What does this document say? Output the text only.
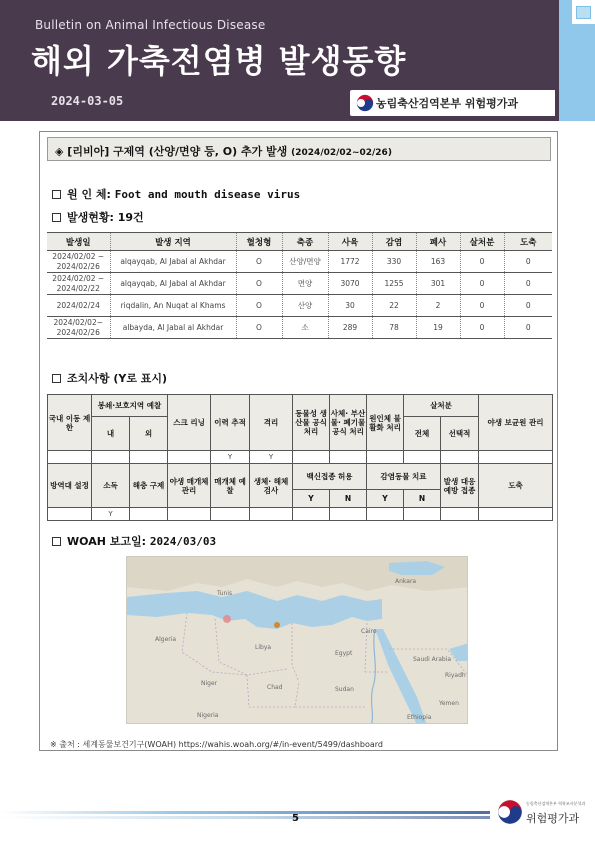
Bulletin on Animal Infectious Disease
해외 가축전염병 발생동향
2024-03-05	농림축산검역본부 위험평가과
◈ [리비아] 구제역 (산양/면양 등, O) 추가 발생 (2024/02/02~02/26)
원 인 체: Foot and mouth disease virus
발생현황: 19건
발생일	발생 지역	혈청형	축종	사육	감염	폐사	살처분	도축
2024/02/02 ~ 2024/02/26	alqayqab, Al Jabal al Akhdar	O	산양/면양	1772	330	163	0	0
2024/02/02 ~ 2024/02/22	alqayqab, Al Jabal al Akhdar	O	면양	3070	1255	301	0	0
2024/02/24	riqdalin, An Nuqat al Khams	O	산양	30	22	2	0	0
2024/02/02~ 2024/02/26	albayda, Al Jabal al Akhdar	O	소	289	78	19	0	0
조치사항 (Y로 표시)
국내 이동 제한	봉쇄·보호지역 예찰		스크 리닝	이력 추적	격리	동물성 생산물 공식 처리	사체· 부산물· 폐기물 공식 처리	원인체 불활화 처리	살처분		야생 보균원 관리
	내	외							전체	선택적	
				Y	Y						
방역대 설정	소독	해충 구제	야생 매개체 관리	매개체 예찰	생체· 해체 검사	백신접종 허용		감염동물 치료		발생 대응 예방 접종	도축
						Y	N	Y	N		
	Y										
WOAH 보고일: 2024/03/03
Ankara
Tunis
Algeria
Libya
Egypt
Niger
Chad	Sudan
Riyadh
Saudi Arabia
Cairo
Ethiopia
Nigeria
Yemen
※ 출처 : 세계동물보건기구(WOAH) https://wahis.woah.org/#/in-event/5499/dashboard
5
농림축산검역본부 역학조사분석과
위험평가과
